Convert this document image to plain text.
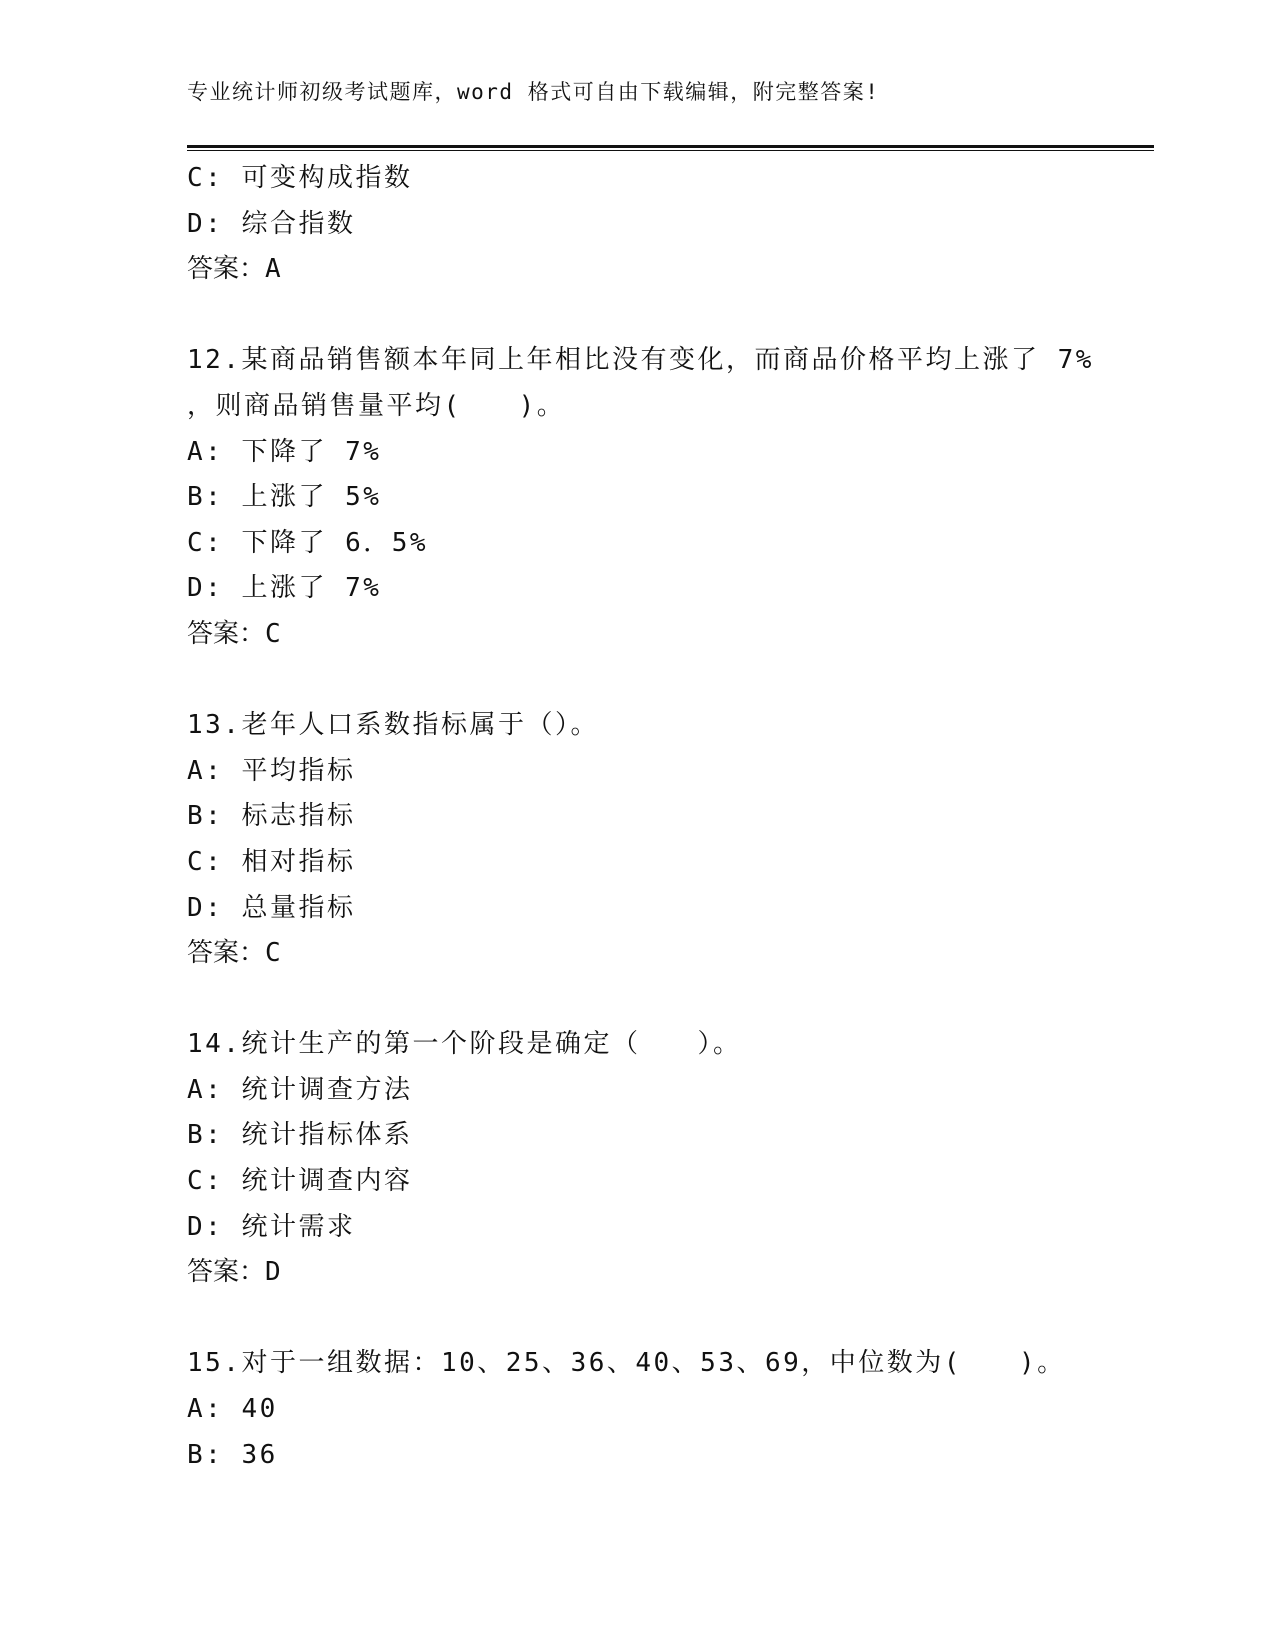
专业统计师初级考试题库，word 格式可自由下载编辑，附完整答案!
C: 可变构成指数
D: 综合指数
答案：A
12.某商品销售额本年同上年相比没有变化，而商品价格平均上涨了 7%
，则商品销售量平均(　　)。
A: 下降了 7%
B: 上涨了 5%
C: 下降了 6．5%
D: 上涨了 7%
答案：C
13.老年人口系数指标属于（）。
A: 平均指标
B: 标志指标
C: 相对指标
D: 总量指标
答案：C
14.统计生产的第一个阶段是确定（　　）。
A: 统计调查方法
B: 统计指标体系
C: 统计调查内容
D: 统计需求
答案：D
15.对于一组数据：10、25、36、40、53、69，中位数为(　　)。
A: 40
B: 36
